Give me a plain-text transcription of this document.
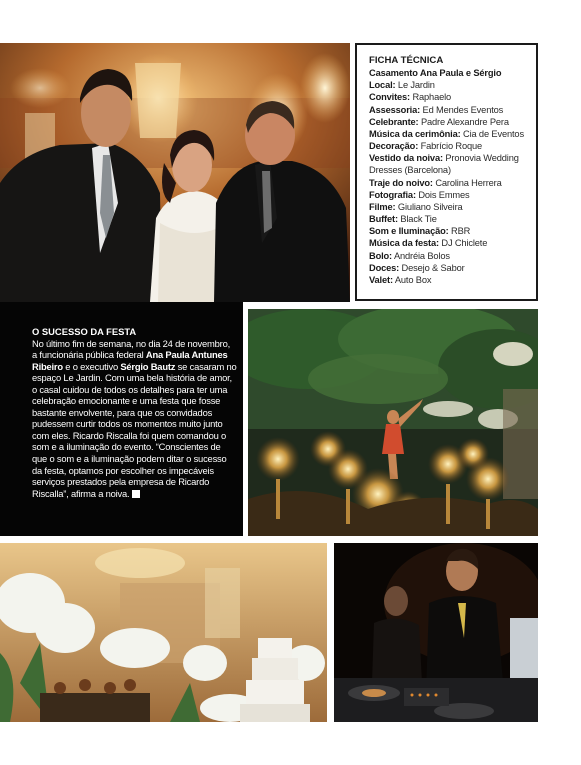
FICHA TÉCNICA
Casamento Ana Paula e Sérgio
Local: Le Jardin
Convites: Raphaelo
Assessoria: Ed Mendes Eventos
Celebrante: Padre Alexandre Pera
Música da cerimônia: Cia de Eventos
Decoração: Fabrício Roque
Vestido da noiva: Pronovia Wedding Dresses (Barcelona)
Traje do noivo: Carolina Herrera
Fotografia: Dois Emmes
Filme: Giuliano Silveira
Buffet: Black Tie
Som e Iluminação: RBR
Música da festa: DJ Chiclete
Bolo: Andréia Bolos
Doces: Desejo & Sabor
Valet: Auto Box
O SUCESSO DA FESTA
No último fim de semana, no dia 24 de novembro, a funcionária pública federal Ana Paula Antunes Ribeiro e o executivo Sérgio Bautz se casaram no espaço Le Jardin. Com uma bela história de amor, o casal cuidou de todos os detalhes para ter uma celebração emocionante e uma festa que fosse bastante envolvente, para que os convidados pudessem curtir todos os momentos muito junto com eles. Ricardo Riscalla foi quem comandou o som e a iluminação do evento. “Conscientes de que o som e a iluminação podem ditar o sucesso da festa, optamos por escolher os impecáveis serviços prestados pela empresa de Ricardo Riscalla”, afirma a noiva.
